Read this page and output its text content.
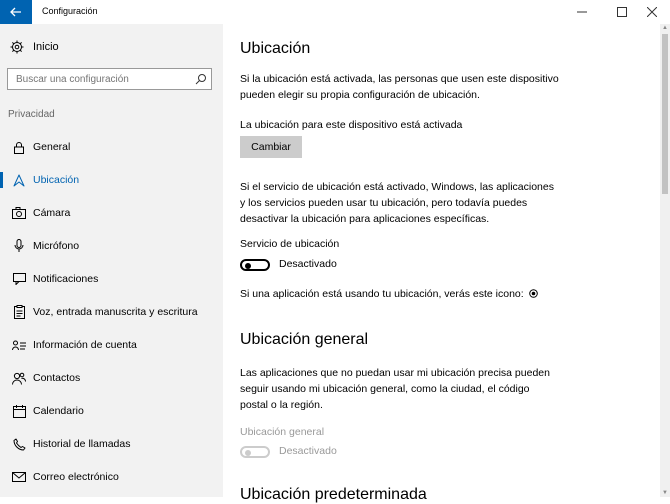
Configuración
Inicio
Buscar una configuración
Privacidad
General
Ubicación
Cámara
Micrófono
Notificaciones
Voz, entrada manuscrita y escritura
Información de cuenta
Contactos
Calendario
Historial de llamadas
Correo electrónico
Ubicación
Si la ubicación está activada, las personas que usen este dispositivo pueden elegir su propia configuración de ubicación.
La ubicación para este dispositivo está activada
Cambiar
Si el servicio de ubicación está activado, Windows, las aplicaciones y los servicios pueden usar tu ubicación, pero todavía puedes desactivar la ubicación para aplicaciones específicas.
Servicio de ubicación
Desactivado
Si una aplicación está usando tu ubicación, verás este icono:
Ubicación general
Las aplicaciones que no puedan usar mi ubicación precisa pueden seguir usando mi ubicación general, como la ciudad, el código postal o la región.
Ubicación general
Desactivado
Ubicación predeterminada
▲
▼
